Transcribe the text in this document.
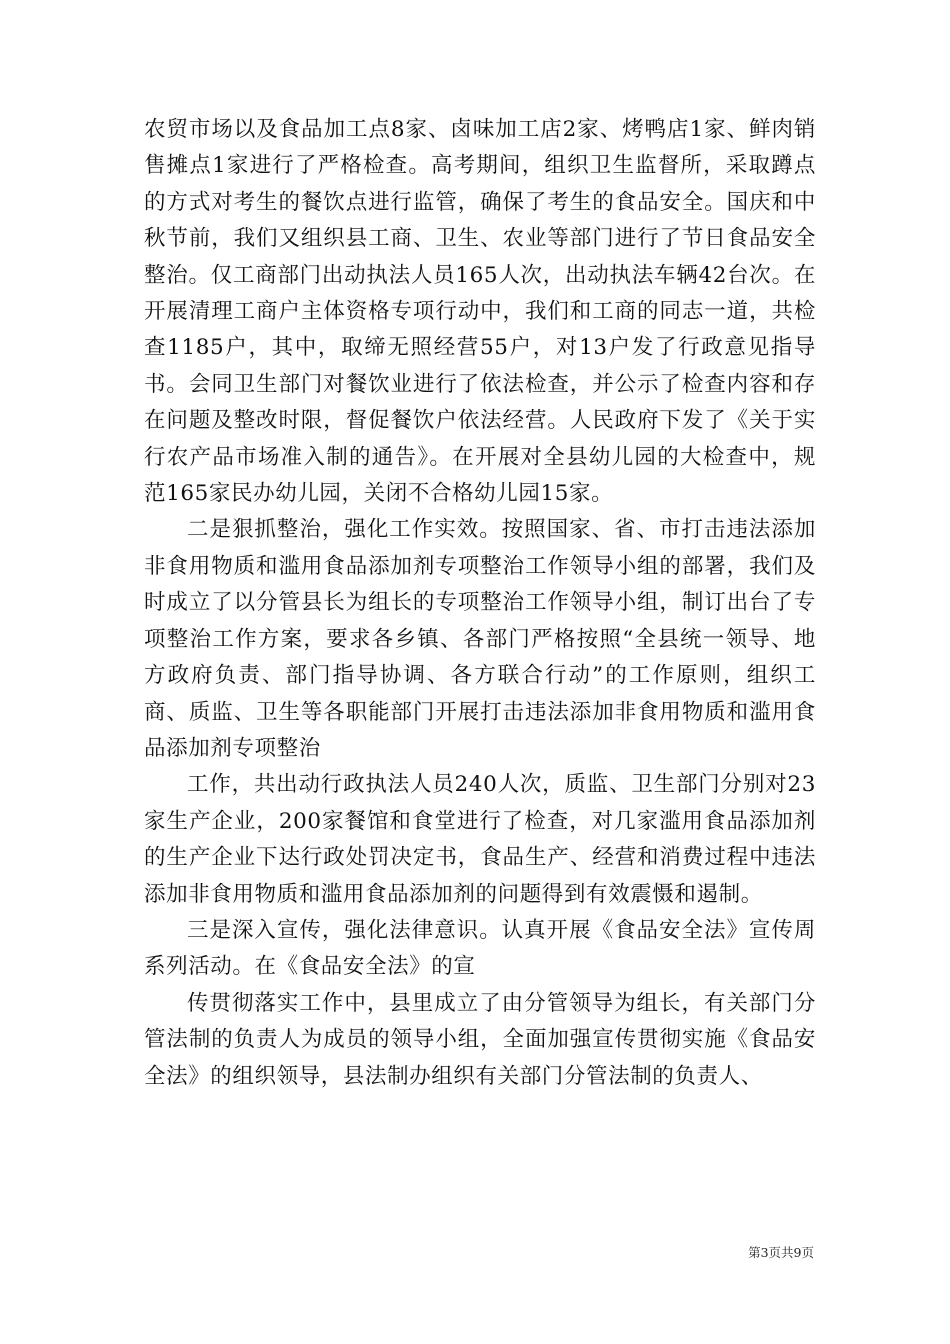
农贸市场以及食品加工点8家、卤味加工店2家、烤鸭店1家、鲜肉销售摊点1家进行了严格检查。高考期间，组织卫生监督所，采取蹲点的方式对考生的餐饮点进行监管，确保了考生的食品安全。国庆和中秋节前，我们又组织县工商、卫生、农业等部门进行了节日食品安全整治。仅工商部门出动执法人员165人次，出动执法车辆42台次。在开展清理工商户主体资格专项行动中，我们和工商的同志一道，共检查1185户，其中，取缔无照经营55户，对13户发了行政意见指导书。会同卫生部门对餐饮业进行了依法检查，并公示了检查内容和存在问题及整改时限，督促餐饮户依法经营。人民政府下发了《关于实行农产品市场准入制的通告》。在开展对全县幼儿园的大检查中，规范165家民办幼儿园，关闭不合格幼儿园15家。

二是狠抓整治，强化工作实效。按照国家、省、市打击违法添加非食用物质和滥用食品添加剂专项整治工作领导小组的部署，我们及时成立了以分管县长为组长的专项整治工作领导小组，制订出台了专项整治工作方案，要求各乡镇、各部门严格按照“全县统一领导、地方政府负责、部门指导协调、各方联合行动”的工作原则，组织工商、质监、卫生等各职能部门开展打击违法添加非食用物质和滥用食品添加剂专项整治

工作，共出动行政执法人员240人次，质监、卫生部门分别对23家生产企业，200家餐馆和食堂进行了检查，对几家滥用食品添加剂的生产企业下达行政处罚决定书，食品生产、经营和消费过程中违法添加非食用物质和滥用食品添加剂的问题得到有效震慑和遏制。

三是深入宣传，强化法律意识。认真开展《食品安全法》宣传周系列活动。在《食品安全法》的宣

传贯彻落实工作中，县里成立了由分管领导为组长，有关部门分管法制的负责人为成员的领导小组，全面加强宣传贯彻实施《食品安全法》的组织领导，县法制办组织有关部门分管法制的负责人、

第3页共9页
